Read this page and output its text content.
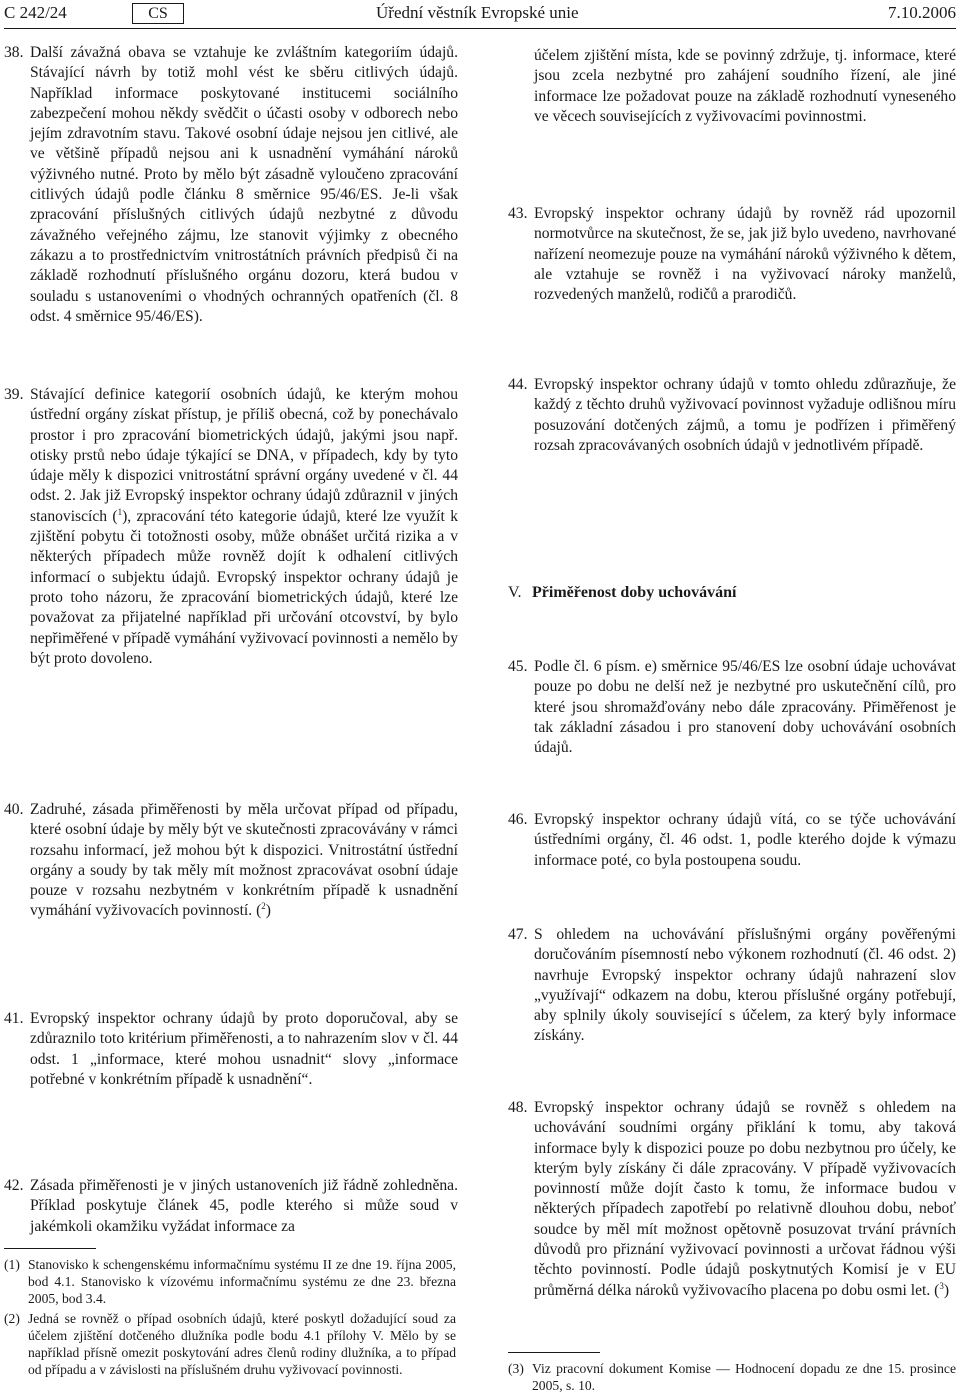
C 242/24	CS	Úřední věstník Evropské unie	7.10.2006

38. Další závažná obava se vztahuje ke zvláštním kategoriím údajů. Stávající návrh by totiž mohl vést ke sběru citlivých údajů. Například informace poskytované institucemi sociálního zabezpečení mohou někdy svědčit o účasti osoby v odborech nebo jejím zdravotním stavu. Takové osobní údaje nejsou jen citlivé, ale ve většině případů nejsou ani k usnadnění vymáhání nároků výživného nutné. Proto by mělo být zásadně vyloučeno zpracování citlivých údajů podle článku 8 směrnice 95/46/ES. Je-li však zpracování příslušných citlivých údajů nezbytné z důvodu závažného veřejného zájmu, lze stanovit výjimky z obecného zákazu a to prostřednictvím vnitrostátních právních předpisů či na základě rozhodnutí příslušného orgánu dozoru, která budou v souladu s ustanoveními o vhodných ochranných opatřeních (čl. 8 odst. 4 směrnice 95/46/ES).

39. Stávající definice kategorií osobních údajů, ke kterým mohou ústřední orgány získat přístup, je příliš obecná, což by ponechávalo prostor i pro zpracování biometrických údajů, jakými jsou např. otisky prstů nebo údaje týkající se DNA, v případech, kdy by tyto údaje měly k dispozici vnitrostátní správní orgány uvedené v čl. 44 odst. 2. Jak již Evropský inspektor ochrany údajů zdůraznil v jiných stanoviscích ($^1$), zpracování této kategorie údajů, které lze využít k zjištění pobytu či totožnosti osoby, může obnášet určitá rizika a v některých případech může rovněž dojít k odhalení citlivých informací o subjektu údajů. Evropský inspektor ochrany údajů je proto toho názoru, že zpracování biometrických údajů, které lze považovat za přijatelné například při určování otcovství, by bylo nepřiměřené v případě vymáhání vyživovací povinnosti a nemělo by být proto dovoleno.

40. Zadruhé, zásada přiměřenosti by měla určovat případ od případu, které osobní údaje by měly být ve skutečnosti zpracovávány v rámci rozsahu informací, jež mohou být k dispozici. Vnitrostátní ústřední orgány a soudy by tak měly mít možnost zpracovávat osobní údaje pouze v rozsahu nezbytném v konkrétním případě k usnadnění vymáhání vyživovacích povinností. ($^2$)

41. Evropský inspektor ochrany údajů by proto doporučoval, aby se zdůraznilo toto kritérium přiměřenosti, a to nahrazením slov v čl. 44 odst. 1 „informace, které mohou usnadnit“ slovy „informace potřebné v konkrétním případě k usnadnění“.

42. Zásada přiměřenosti je v jiných ustanoveních již řádně zohledněna. Příklad poskytuje článek 45, podle kterého si může soud v jakémkoli okamžiku vyžádat informace za

(1) Stanovisko k schengenskému informačnímu systému II ze dne 19. října 2005, bod 4.1. Stanovisko k vízovému informačnímu systému ze dne 23. března 2005, bod 3.4.

(2) Jedná se rovněž o případ osobních údajů, které poskytl dožadující soud za účelem zjištění dotčeného dlužníka podle bodu 4.1 přílohy V. Mělo by se například přísně omezit poskytování adres členů rodiny dlužníka, a to případ od případu a v závislosti na příslušném druhu vyživovací povinnosti.

účelem zjištění místa, kde se povinný zdržuje, tj. informace, které jsou zcela nezbytné pro zahájení soudního řízení, ale jiné informace lze požadovat pouze na základě rozhodnutí vyneseného ve věcech souvisejících z vyživovacími povinnostmi.

43. Evropský inspektor ochrany údajů by rovněž rád upozornil normotvůrce na skutečnost, že se, jak již bylo uvedeno, navrhované nařízení neomezuje pouze na vymáhání nároků výživného k dětem, ale vztahuje se rovněž i na vyživovací nároky manželů, rozvedených manželů, rodičů a prarodičů.

44. Evropský inspektor ochrany údajů v tomto ohledu zdůrazňuje, že každý z těchto druhů vyživovací povinnost vyžaduje odlišnou míru posuzování dotčených zájmů, a tomu je podřízen i přiměřený rozsah zpracovávaných osobních údajů v jednotlivém případě.

V. Přiměřenost doby uchovávání

45. Podle čl. 6 písm. e) směrnice 95/46/ES lze osobní údaje uchovávat pouze po dobu ne delší než je nezbytné pro uskutečnění cílů, pro které jsou shromažďovány nebo dále zpracovány. Přiměřenost je tak základní zásadou i pro stanovení doby uchovávání osobních údajů.

46. Evropský inspektor ochrany údajů vítá, co se týče uchovávání ústředními orgány, čl. 46 odst. 1, podle kterého dojde k výmazu informace poté, co byla postoupena soudu.

47. S ohledem na uchovávání příslušnými orgány pověřenými doručováním písemností nebo výkonem rozhodnutí (čl. 46 odst. 2) navrhuje Evropský inspektor ochrany údajů nahrazení slov „využívají“ odkazem na dobu, kterou příslušné orgány potřebují, aby splnily úkoly související s účelem, za který byly informace získány.

48. Evropský inspektor ochrany údajů se rovněž s ohledem na uchovávání soudními orgány přiklání k tomu, aby taková informace byly k dispozici pouze po dobu nezbytnou pro účely, ke kterým byly získány či dále zpracovány. V případě vyživovacích povinností může dojít často k tomu, že informace budou v některých případech zapotřebí po relativně dlouhou dobu, neboť soudce by měl mít možnost opětovně posuzovat trvání právních důvodů pro přiznání vyživovací povinnosti a určovat řádnou výši těchto povinností. Podle údajů poskytnutých Komisí je v EU průměrná délka nároků vyživovacího placena po dobu osmi let. ($^3$)

(3) Viz pracovní dokument Komise — Hodnocení dopadu ze dne 15. prosince 2005, s. 10.
